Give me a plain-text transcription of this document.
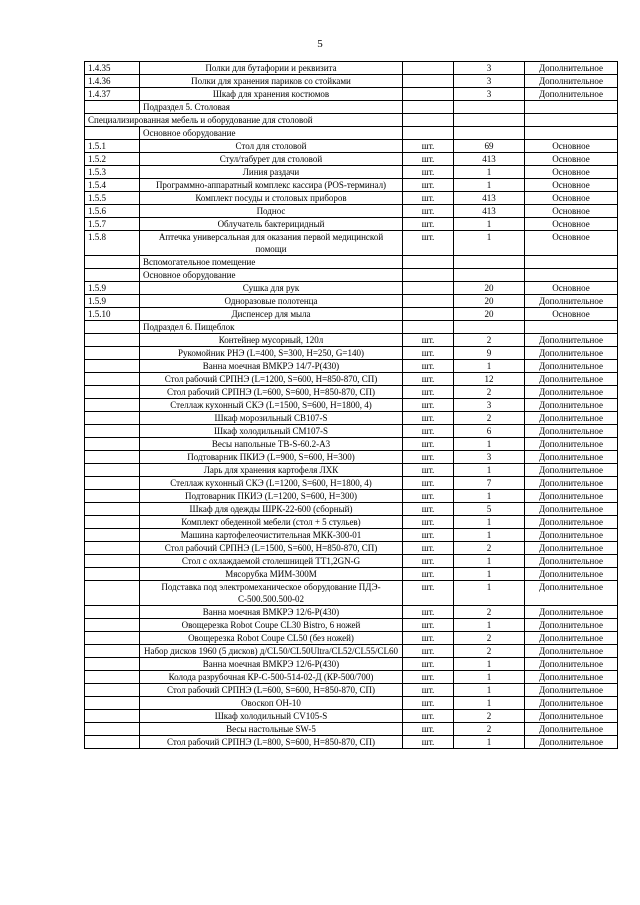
5
1.4.35	Полки для бутафории и реквизита		3	Дополнительное
1.4.36	Полки для хранения париков со стойками		3	Дополнительное
1.4.37	Шкаф для хранения костюмов		3	Дополнительное
	Подраздел 5. Столовая			
Специализированная мебель и оборудование для столовой				
	Основное оборудование			
1.5.1	Стол для столовой	шт.	69	Основное
1.5.2	Стул/табурет для столовой	шт.	413	Основное
1.5.3	Линия раздачи	шт.	1	Основное
1.5.4	Программно-аппаратный комплекс кассира (POS-терминал)	шт.	1	Основное
1.5.5	Комплект посуды и столовых приборов	шт.	413	Основное
1.5.6	Поднос	шт.	413	Основное
1.5.7	Облучатель бактерицидный	шт.	1	Основное
1.5.8	Аптечка универсальная для оказания первой медицинской помощи	шт.	1	Основное
	Вспомогательное помещение			
	Основное оборудование			
1.5.9	Сушка для рук		20	Основное
1.5.9	Одноразовые полотенца		20	Дополнительное
1.5.10	Диспенсер для мыла		20	Основное
	Подраздел 6. Пищеблок			
	Контейнер мусорный, 120л	шт.	2	Дополнительное
	Рукомойник РНЭ (L=400, S=300, H=250, G=140)	шт.	9	Дополнительное
	Ванна моечная ВМКРЭ 14/7-Р(430)	шт.	1	Дополнительное
	Стол рабочий СРПНЭ (L=1200, S=600, H=850-870, СП)	шт.	12	Дополнительное
	Стол рабочий СРПНЭ (L=600, S=600, H=850-870, СП)	шт.	2	Дополнительное
	Стеллаж кухонный СКЭ (L=1500, S=600, H=1800, 4)	шт.	3	Дополнительное
	Шкаф морозильный СВ107-S	шт.	2	Дополнительное
	Шкаф холодильный СМ107-S	шт.	6	Дополнительное
	Весы напольные ТВ-S-60.2-А3	шт.	1	Дополнительное
	Подтоварник ПКИЭ (L=900, S=600, H=300)	шт.	3	Дополнительное
	Ларь для хранения картофеля ЛХК	шт.	1	Дополнительное
	Стеллаж кухонный СКЭ (L=1200, S=600, H=1800, 4)	шт.	7	Дополнительное
	Подтоварник ПКИЭ (L=1200, S=600, H=300)	шт.	1	Дополнительное
	Шкаф для одежды ШРК-22-600 (сборный)	шт.	5	Дополнительное
	Комплект обеденной мебели (стол + 5 стульев)	шт.	1	Дополнительное
	Машина картофелеочистительная МКК-300-01	шт.	1	Дополнительное
	Стол рабочий СРПНЭ (L=1500, S=600, H=850-870, СП)	шт.	2	Дополнительное
	Стол с охлаждаемой столешницей ТТ1,2GN-G	шт.	1	Дополнительное
	Мясорубка МИМ-300М	шт.	1	Дополнительное
	Подставка под электромеханическое оборудование ПДЭ-С-500.500.500-02	шт.	1	Дополнительное
	Ванна моечная ВМКРЭ 12/6-Р(430)	шт.	2	Дополнительное
	Овощерезка Robot Coupe CL30 Bistro, 6 ножей	шт.	1	Дополнительное
	Овощерезка Robot Coupe CL50 (без ножей)	шт.	2	Дополнительное
	Набор дисков 1960 (5 дисков) д/CL50/CL50Ultra/CL52/CL55/CL60	шт.	2	Дополнительное
	Ванна моечная ВМКРЭ 12/6-Р(430)	шт.	1	Дополнительное
	Колода разрубочная КР-С-500-514-02-Д (КР-500/700)	шт.	1	Дополнительное
	Стол рабочий СРПНЭ (L=600, S=600, H=850-870, СП)	шт.	1	Дополнительное
	Овоскоп ОН-10	шт.	1	Дополнительное
	Шкаф холодильный CV105-S	шт.	2	Дополнительное
	Весы настольные SW-5	шт.	2	Дополнительное
	Стол рабочий СРПНЭ (L=800, S=600, H=850-870, СП)	шт.	1	Дополнительное
